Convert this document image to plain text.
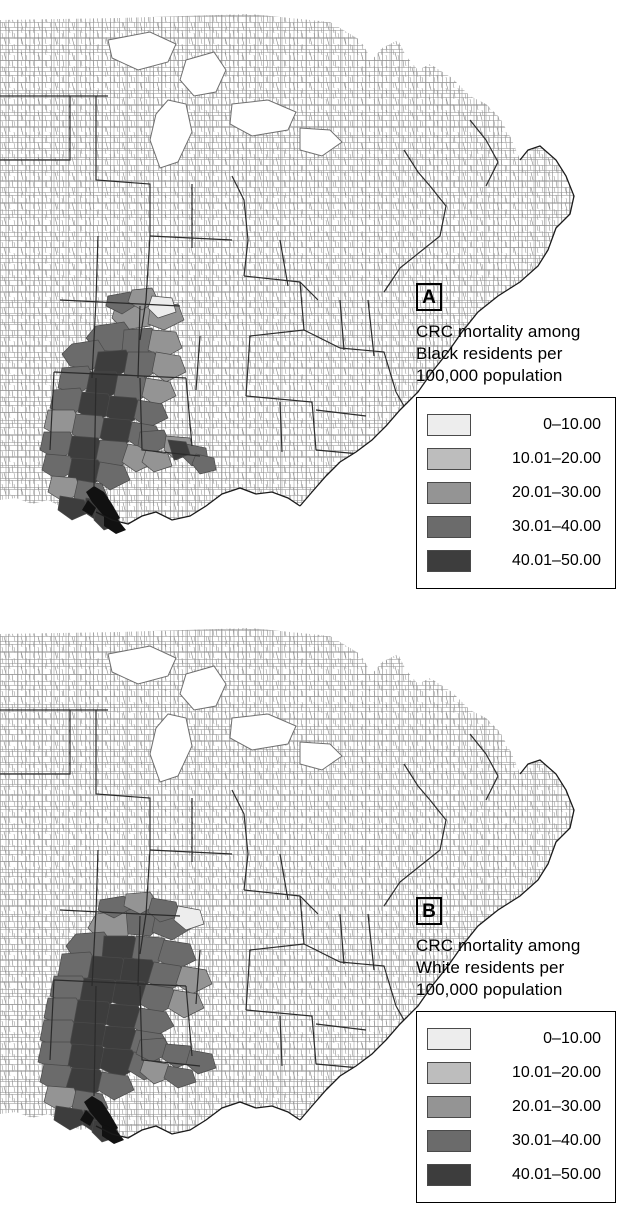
A
CRC mortality among
Black residents per
100,000 population
0–10.00
10.01–20.00
20.01–30.00
30.01–40.00
40.01–50.00
B
CRC mortality among
White residents per
100,000 population
0–10.00
10.01–20.00
20.01–30.00
30.01–40.00
40.01–50.00
